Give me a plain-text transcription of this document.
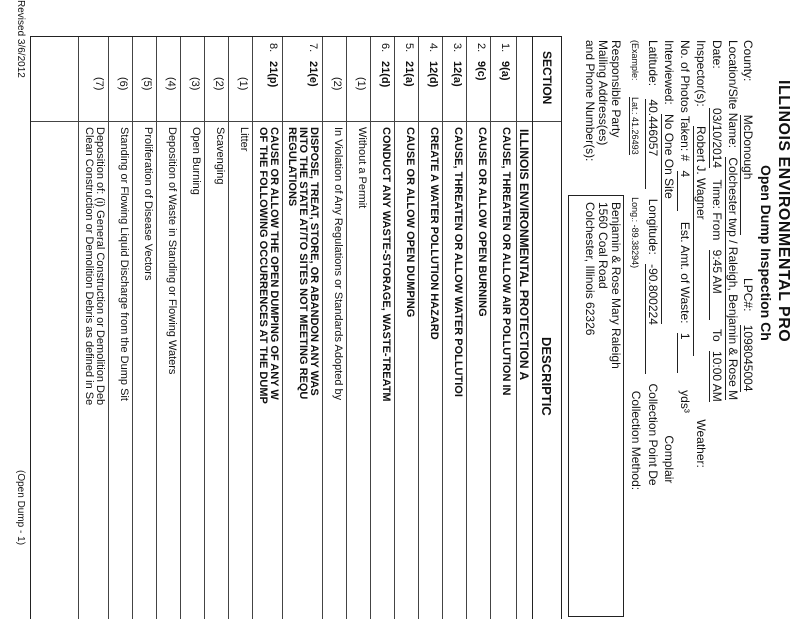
ILLINOIS ENVIRONMENTAL PRO
Open Dump Inspection Ch
County: McDonough LPC#: 1098045004
Location/Site Name: Colchester twp / Raleigh, Benjamin & Rose M
Date: 03/10/2014 Time: From 9:45 AM To 10:00 AM
Inspector(s): Robert J. Wagner Weather:
No. of Photos Taken: # 4 Est. Amt. of Waste: 1 yds³
Interviewed: No One On Site Complair
Latitude: 40.446057 Longitude: -90.800224 Collection Point De
(Example: Lat.: 41.26493 Long.: -89.38294) Collection Method:
Responsible Party
Mailing Address(es)
and Phone Number(s):
Benjamin & Rose Mary Raleigh
1560 Coal Road
Colchester, Illinois 62326
SECTION
DESCRIPTIC
ILLINOIS ENVIRONMENTAL PROTECTION A
1.
9(a)
CAUSE, THREATEN OR ALLOW AIR POLLUTION IN
2.
9(c)
CAUSE OR ALLOW OPEN BURNING
3.
12(a)
CAUSE, THREATEN OR ALLOW WATER POLLUTIOI
4.
12(d)
CREATE A WATER POLLUTION HAZARD
5.
21(a)
CAUSE OR ALLOW OPEN DUMPING
6.
21(d)
CONDUCT ANY WASTE-STORAGE, WASTE-TREATM
(1)
Without a Permit
(2)
In Violation of Any Regulations or Standards Adopted by
7.
21(e)
DISPOSE, TREAT, STORE, OR ABANDON ANY WAS
INTO THE STATE AT/TO SITES NOT MEETING REQU
REGULATIONS
8.
21(p)
CAUSE OR ALLOW THE OPEN DUMPING OF ANY W
OF THE FOLLOWING OCCURRENCES AT THE DUMP
(1)
Litter
(2)
Scavenging
(3)
Open Burning
(4)
Deposition of Waste in Standing or Flowing Waters
(5)
Proliferation of Disease Vectors
(6)
Standing or Flowing Liquid Discharge from the Dump Sit
(7)
Deposition of: (i) General Construction or Demolition Deb
Clean Construction or Demolition Debris as defined in Se
Revised 3/6/2012
(Open Dump - 1)
